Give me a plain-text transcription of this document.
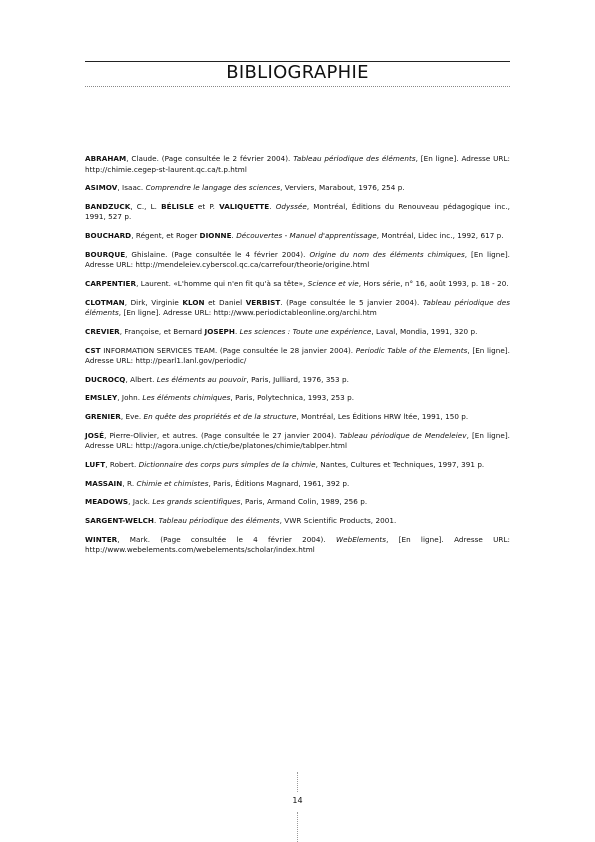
BIBLIOGRAPHIE
ABRAHAM, Claude. (Page consultée le 2 février 2004). Tableau périodique des éléments, [En ligne]. Adresse URL: http://chimie.cegep-st-laurent.qc.ca/t.p.html
ASIMOV, Isaac. Comprendre le langage des sciences, Verviers, Marabout, 1976, 254 p.
BANDZUCK, C., L. BÉLISLE et P. VALIQUETTE. Odyssée, Montréal, Éditions du Renouveau pédagogique inc., 1991, 527 p.
BOUCHARD, Régent, et Roger DIONNE. Découvertes - Manuel d'apprentissage, Montréal, Lidec inc., 1992, 617 p.
BOURQUE, Ghislaine. (Page consultée le 4 février 2004). Origine du nom des éléments chimiques, [En ligne]. Adresse URL: http://mendeleiev.cyberscol.qc.ca/carrefour/theorie/origine.html
CARPENTIER, Laurent. «L'homme qui n'en fit qu'à sa tête», Science et vie, Hors série, n° 16, août 1993, p. 18 - 20.
CLOTMAN, Dirk, Virginie KLON et Daniel VERBIST. (Page consultée le 5 janvier 2004). Tableau périodique des éléments, [En ligne]. Adresse URL: http://www.periodictableonline.org/archi.htm
CREVIER, Françoise, et Bernard JOSEPH. Les sciences : Toute une expérience, Laval, Mondia, 1991, 320 p.
CST INFORMATION SERVICES TEAM. (Page consultée le 28 janvier 2004). Periodic Table of the Elements, [En ligne]. Adresse URL: http://pearl1.lanl.gov/periodic/
DUCROCQ, Albert. Les éléments au pouvoir, Paris, Julliard, 1976, 353 p.
EMSLEY, John. Les éléments chimiques, Paris, Polytechnica, 1993, 253 p.
GRENIER, Eve. En quête des propriétés et de la structure, Montréal, Les Éditions HRW ltée, 1991, 150 p.
JOSÉ, Pierre-Olivier, et autres. (Page consultée le 27 janvier 2004). Tableau périodique de Mendeleiev, [En ligne]. Adresse URL: http://agora.unige.ch/ctie/be/platones/chimie/tablper.html
LUFT, Robert. Dictionnaire des corps purs simples de la chimie, Nantes, Cultures et Techniques, 1997, 391 p.
MASSAIN, R. Chimie et chimistes, Paris, Éditions Magnard, 1961, 392 p.
MEADOWS, Jack. Les grands scientifiques, Paris, Armand Colin, 1989, 256 p.
SARGENT-WELCH. Tableau périodique des éléments, VWR Scientific Products, 2001.
WINTER, Mark. (Page consultée le 4 février 2004). WebElements, [En ligne]. Adresse URL: http://www.webelements.com/webelements/scholar/index.html
14
